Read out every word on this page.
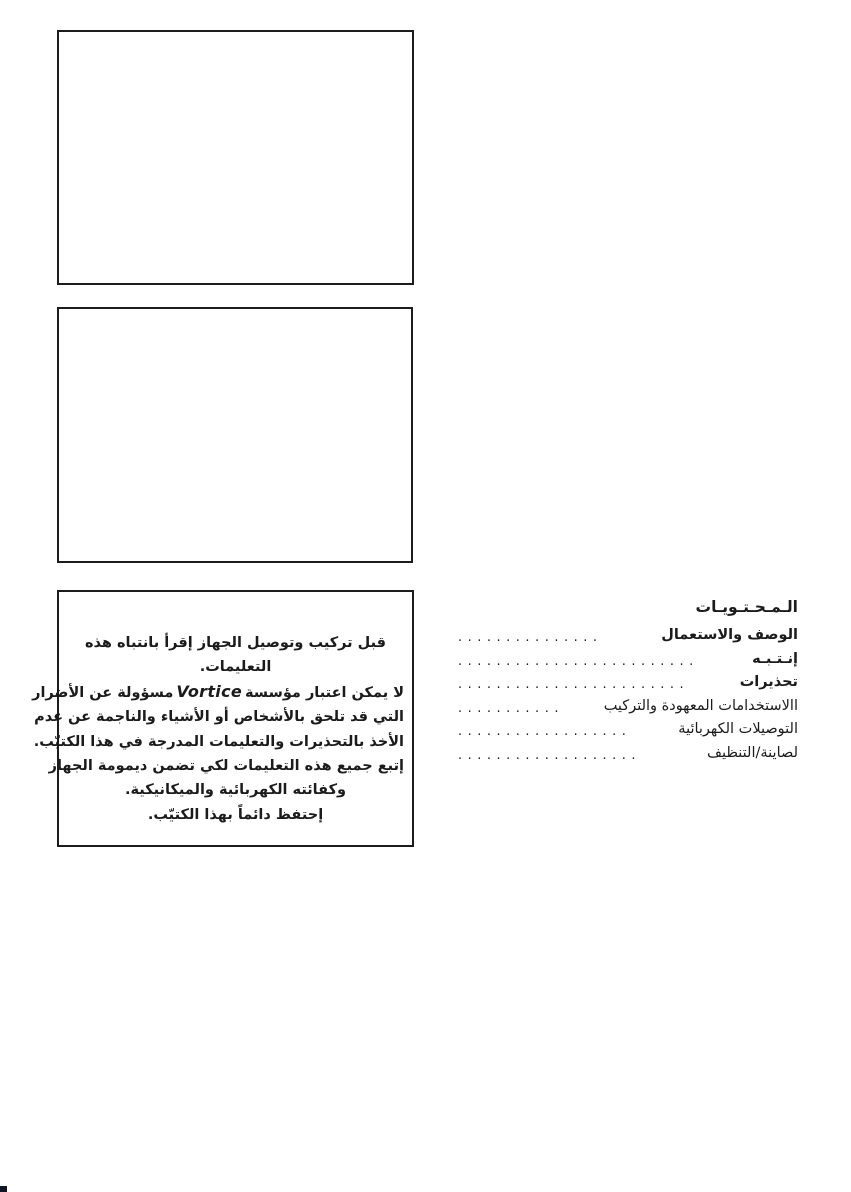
قبل تركيب وتوصيل الجهاز إقرأ بانتباه هذه
التعليمات.
لا يمكن اعتبار مؤسسةVorticeمسؤولة عن الأضرار
التي قد تلحق بالأشخاص أو الأشياء والناجمة عن عدم
الأخذ بالتحذيرات والتعليمات المدرجة في هذا الكتيّب.
إتبع جميع هذه التعليمات لكي تضمن ديمومة الجهاز
وكفائته الكهربائية والميكانيكية.
إحتفظ دائماً بهذا الكتيّب.
الـمـحـتـويـات
الوصف والاستعمال
...............
إنـتـبـه
.........................
تحذيرات
........................
االاستخدامات المعهودة والتركيب
...........
التوصيلات الكهربائية
..................
لصاينة/التنظيف
...................
